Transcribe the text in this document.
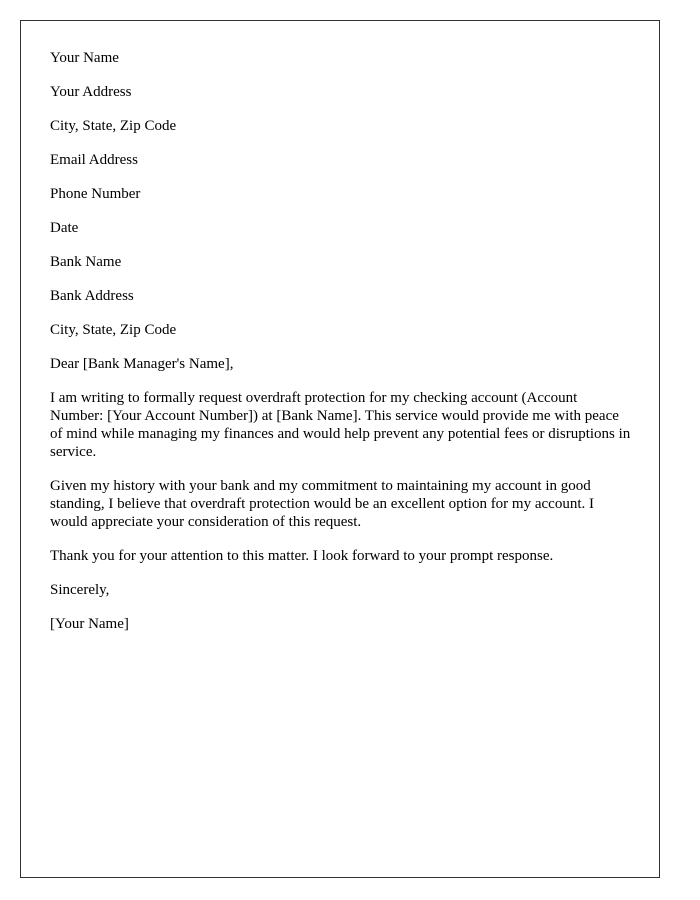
Your Name

Your Address

City, State, Zip Code

Email Address

Phone Number

Date

Bank Name

Bank Address

City, State, Zip Code

Dear [Bank Manager's Name],

I am writing to formally request overdraft protection for my checking account (Account Number: [Your Account Number]) at [Bank Name]. This service would provide me with peace of mind while managing my finances and would help prevent any potential fees or disruptions in service.

Given my history with your bank and my commitment to maintaining my account in good standing, I believe that overdraft protection would be an excellent option for my account. I would appreciate your consideration of this request.

Thank you for your attention to this matter. I look forward to your prompt response.

Sincerely,

[Your Name]
